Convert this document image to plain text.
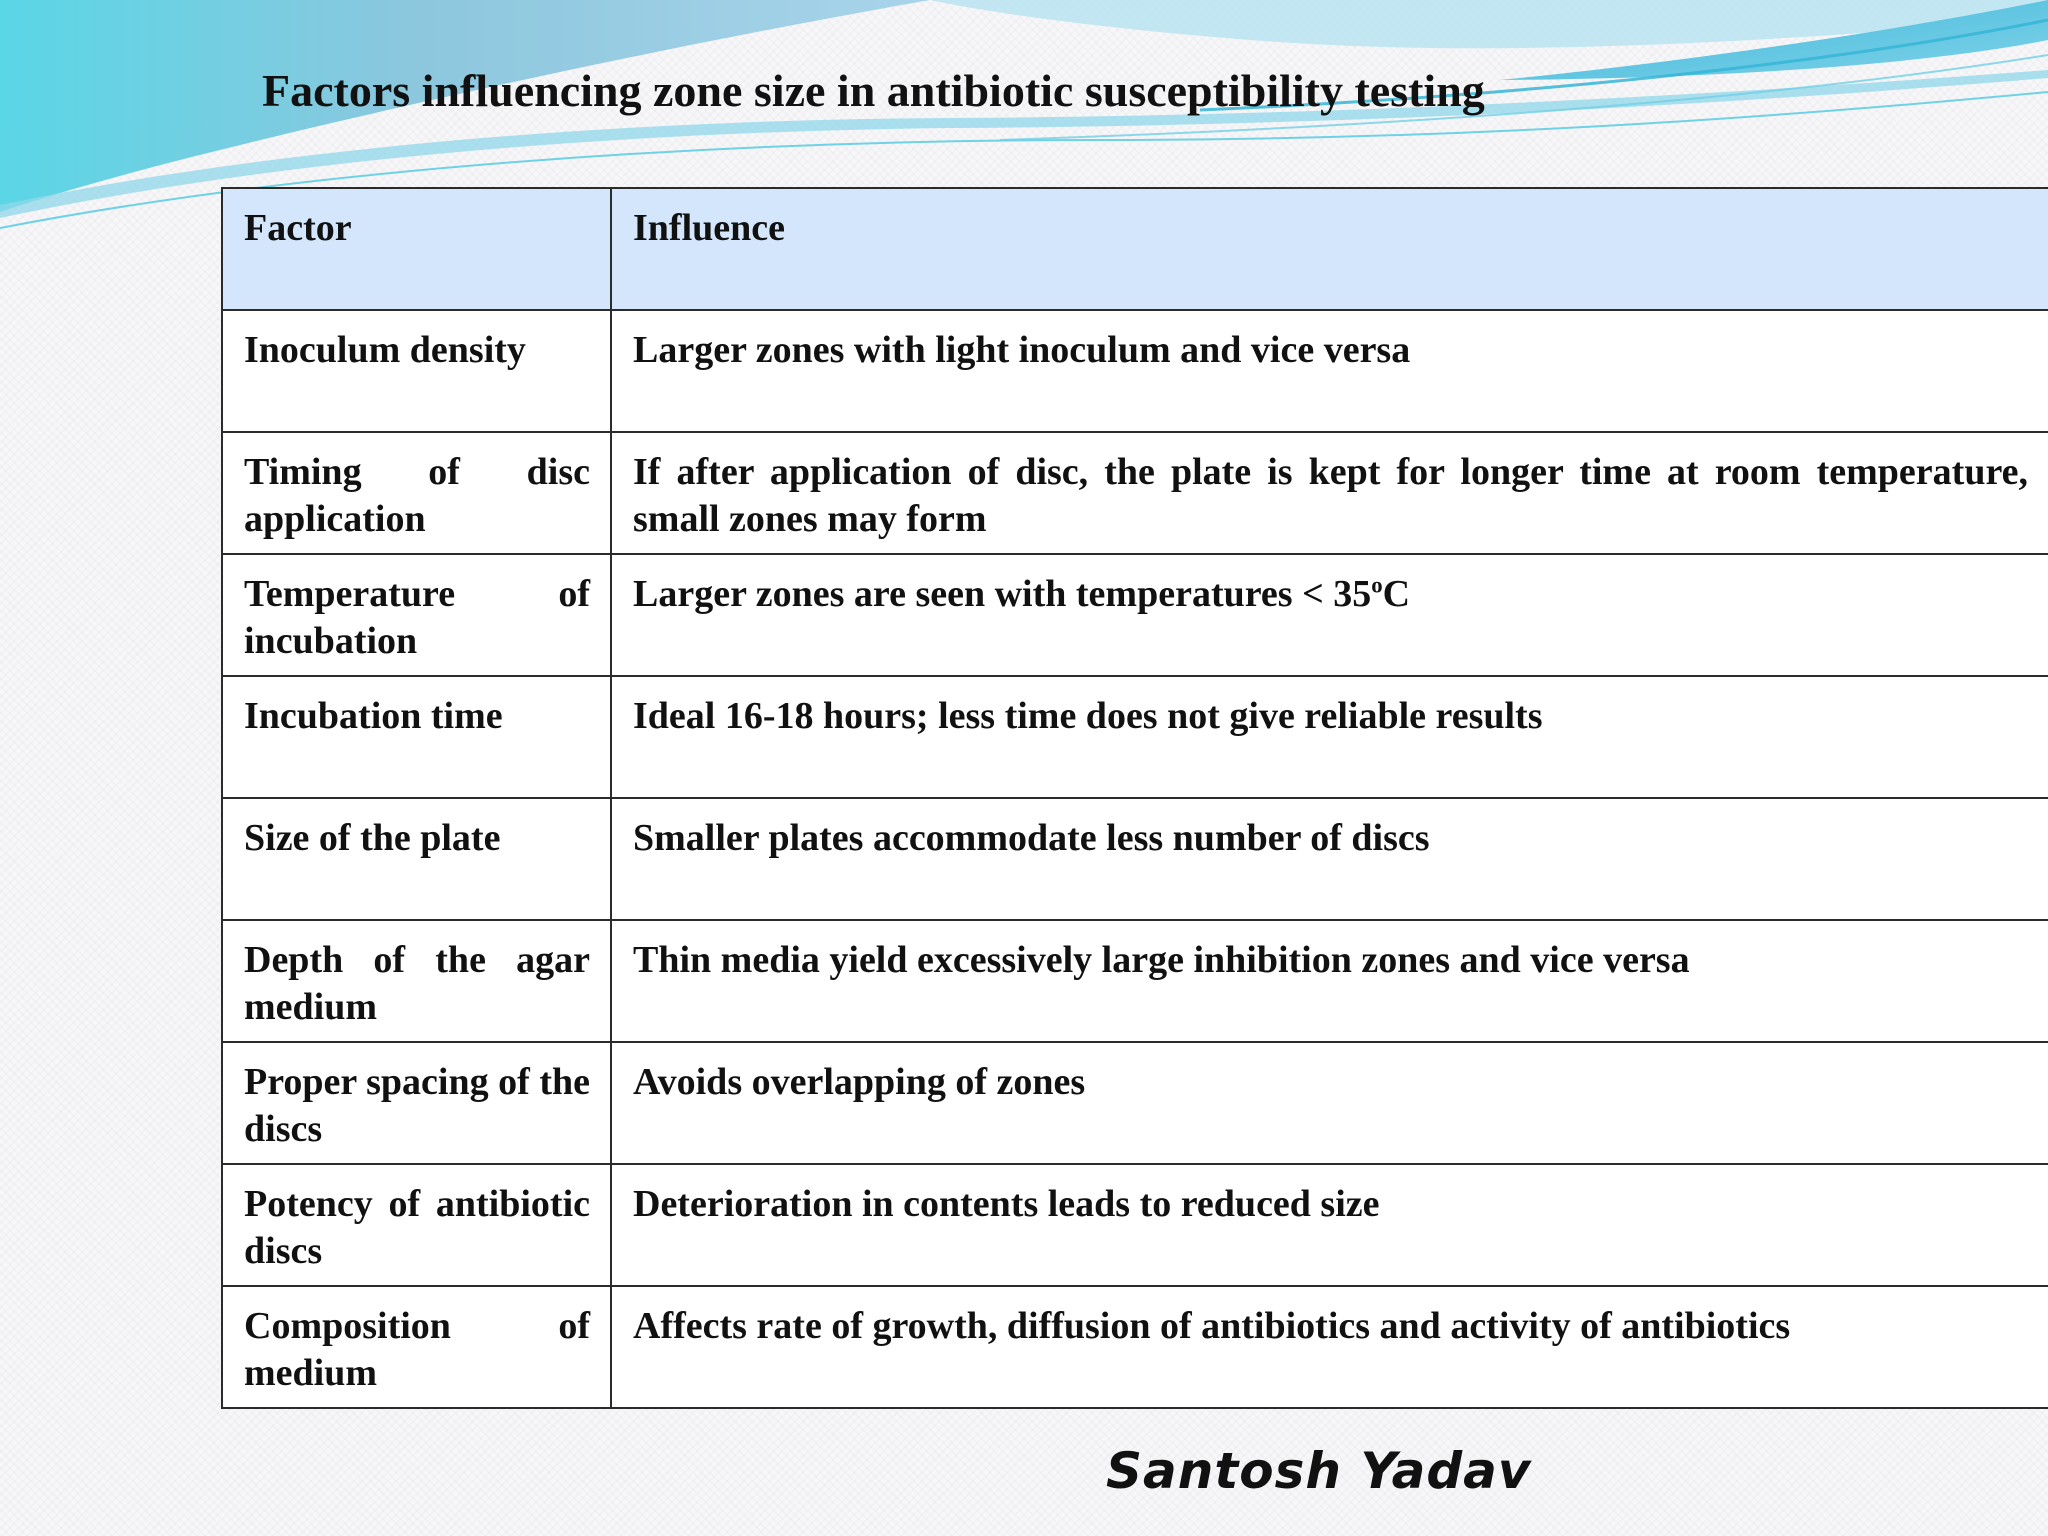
Factors influencing zone size in antibiotic susceptibility testing
Factor	Influence
Inoculum density	Larger zones with light inoculum and vice versa
Timing of disc application	If after application of disc, the plate is kept for longer time at room temperature, small zones may form
Temperature of incubation	Larger zones are seen with temperatures < $35^oC$
Incubation time	Ideal 16-18 hours; less time does not give reliable results
Size of the plate	Smaller plates accommodate less number of discs
Depth of the agar medium	Thin media yield excessively large inhibition zones and vice versa
Proper spacing of the discs	Avoids overlapping of zones
Potency of antibiotic discs	Deterioration in contents leads to reduced size
Composition of medium	Affects rate of growth, diffusion of antibiotics and activity of antibiotics
Santosh Yadav
